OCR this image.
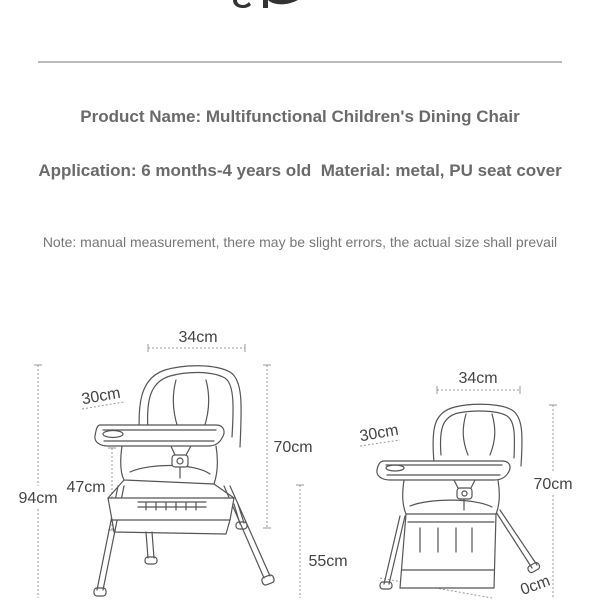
34cm
30cm
70cm
47cm
94cm
55cm
34cm
30cm
70cm
0cm
Product Name: Multifunctional Children's Dining Chair
Application: 6 months-4 years old  Material: metal, PU seat cover
Note: manual measurement, there may be slight errors, the actual size shall prevail
